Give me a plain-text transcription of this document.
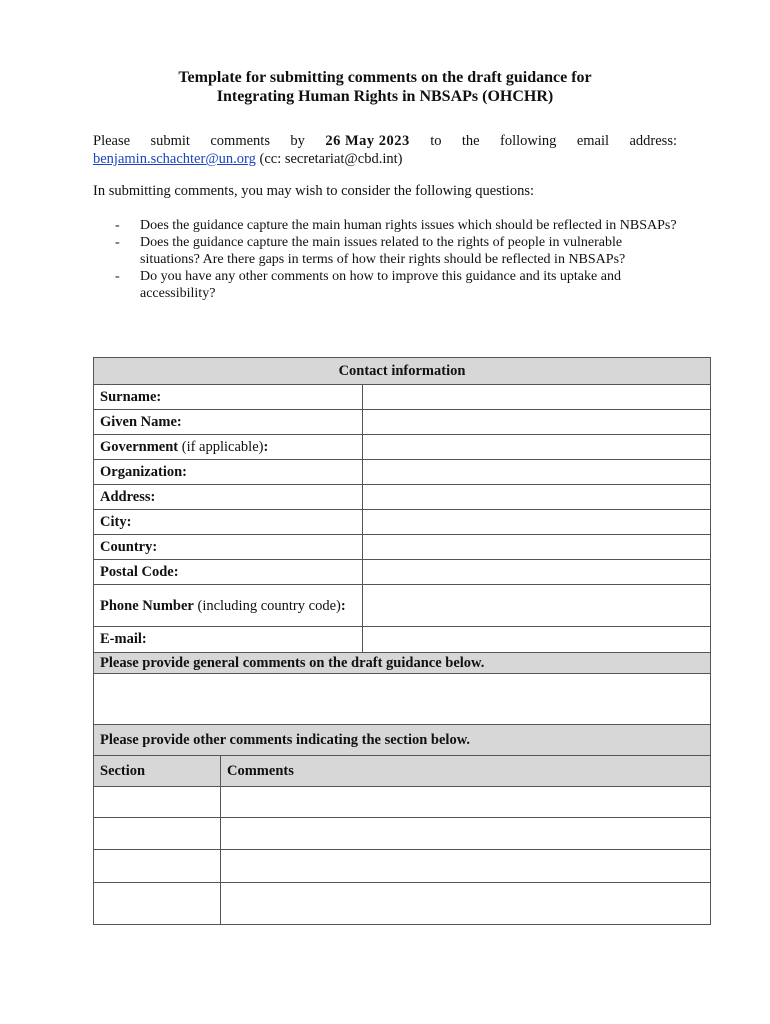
Template for submitting comments on the draft guidance for
Integrating Human Rights in NBSAPs (OHCHR)
Please submit comments by 26 May 2023 to the following email address:
benjamin.schachter@un.org (cc: secretariat@cbd.int)
In submitting comments, you may wish to consider the following questions:
- Does the guidance capture the main human rights issues which should be reflected in NBSAPs?
- Does the guidance capture the main issues related to the rights of people in vulnerable situations? Are there gaps in terms of how their rights should be reflected in NBSAPs?
- Do you have any other comments on how to improve this guidance and its uptake and accessibility?
Contact information	
Surname:	
Given Name:	
Government (if applicable):	
Organization:	
Address:	
City:	
Country:	
Postal Code:	
Phone Number (including country code):	
E-mail:	
Please provide general comments on the draft guidance below.	

Please provide other comments indicating the section below.	
Section	Comments
